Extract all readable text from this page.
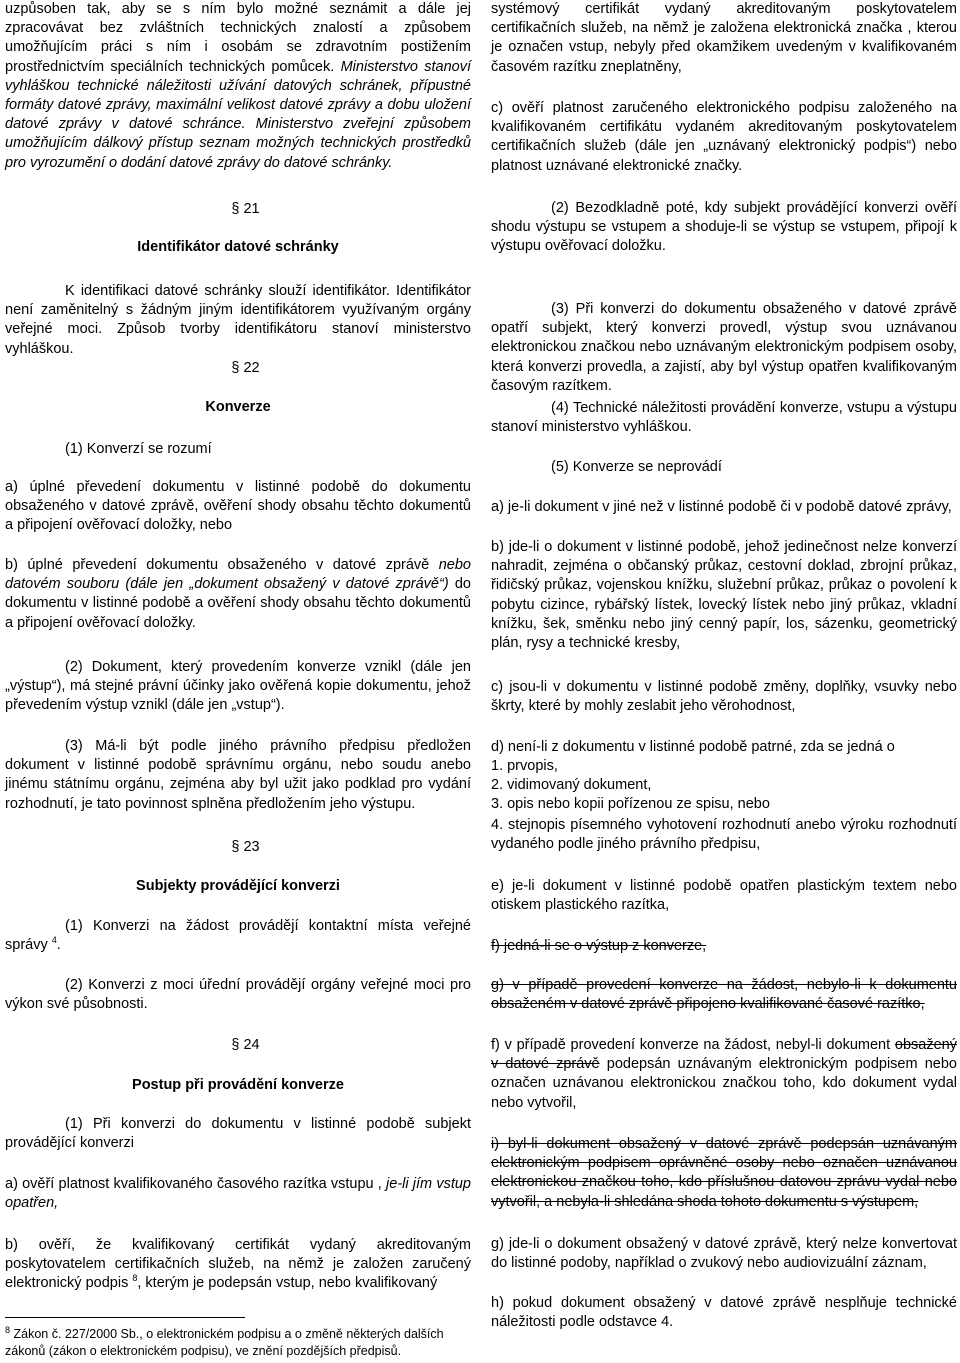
uzpůsoben tak, aby se s ním bylo možné seznámit a dále jej zpracovávat bez zvláštních technických znalostí a způsobem umožňujícím práci s ním i osobám se zdravotním postižením prostřednictvím speciálních technických pomůcek. Ministerstvo stanoví vyhláškou technické náležitosti užívání datových schránek, přípustné formáty datové zprávy, maximální velikost datové zprávy a dobu uložení datové zprávy v datové schránce. Ministerstvo zveřejní způsobem umožňujícím dálkový přístup seznam možných technických prostředků pro vyrozumění o dodání datové zprávy do datové schránky.

§ 21

Identifikátor datové schránky

K identifikaci datové schránky slouží identifikátor. Identifikátor není zaměnitelný s žádným jiným identifikátorem využívaným orgány veřejné moci. Způsob tvorby identifikátoru stanoví ministerstvo vyhláškou.

§ 22

Konverze

(1) Konverzí se rozumí

a) úplné převedení dokumentu v listinné podobě do dokumentu obsaženého v datové zprávě, ověření shody obsahu těchto dokumentů a připojení ověřovací doložky, nebo

b) úplné převedení dokumentu obsaženého v datové zprávě nebo datovém souboru (dále jen „dokument obsažený v datové zprávě“) do dokumentu v listinné podobě a ověření shody obsahu těchto dokumentů a připojení ověřovací doložky.

(2) Dokument, který provedením konverze vznikl (dále jen „výstup“), má stejné právní účinky jako ověřená kopie dokumentu, jehož převedením výstup vznikl (dále jen „vstup“).

(3) Má-li být podle jiného právního předpisu předložen dokument v listinné podobě správnímu orgánu, nebo soudu anebo jinému státnímu orgánu, zejména aby byl užit jako podklad pro vydání rozhodnutí, je tato povinnost splněna předložením jeho výstupu.

§ 23

Subjekty provádějící konverzi

(1) Konverzi na žádost provádějí kontaktní místa veřejné správy $^4$.

(2) Konverzi z moci úřední provádějí orgány veřejné moci pro výkon své působnosti.

§ 24

Postup při provádění konverze

(1) Při konverzi do dokumentu v listinné podobě subjekt provádějící konverzi

a) ověří platnost kvalifikovaného časového razítka vstupu , je-li jím vstup opatřen,

b) ověří, že kvalifikovaný certifikát vydaný akreditovaným poskytovatelem certifikačních služeb, na němž je založen zaručený elektronický podpis $^8$, kterým je podepsán vstup, nebo kvalifikovaný

$^8$ Zákon č. 227/2000 Sb., o elektronickém podpisu a o změně některých dalších zákonů (zákon o elektronickém podpisu), ve znění pozdějších předpisů.

systémový certifikát vydaný akreditovaným poskytovatelem certifikačních služeb, na němž je založena elektronická značka , kterou je označen vstup, nebyly před okamžikem uvedeným v kvalifikovaném časovém razítku zneplatněny,

c) ověří platnost zaručeného elektronického podpisu založeného na kvalifikovaném certifikátu vydaném akreditovaným poskytovatelem certifikačních služeb (dále jen „uznávaný elektronický podpis“) nebo platnost uznávané elektronické značky.

(2) Bezodkladně poté, kdy subjekt provádějící konverzi ověří shodu výstupu se vstupem a shoduje-li se výstup se vstupem, připojí k výstupu ověřovací doložku.

(3) Při konverzi do dokumentu obsaženého v datové zprávě opatří subjekt, který konverzi provedl, výstup svou uznávanou elektronickou značkou nebo uznávaným elektronickým podpisem osoby, která konverzi provedla, a zajistí, aby byl výstup opatřen kvalifikovaným časovým razítkem.

(4) Technické náležitosti provádění konverze, vstupu a výstupu stanoví ministerstvo vyhláškou.

(5) Konverze se neprovádí

a) je-li dokument v jiné než v listinné podobě či v podobě datové zprávy,

b) jde-li o dokument v listinné podobě, jehož jedinečnost nelze konverzí nahradit, zejména o občanský průkaz, cestovní doklad, zbrojní průkaz, řidičský průkaz, vojenskou knížku, služební průkaz, průkaz o povolení k pobytu cizince, rybářský lístek, lovecký lístek nebo jiný průkaz, vkladní knížku, šek, směnku nebo jiný cenný papír, los, sázenku, geometrický plán, rysy a technické kresby,

c) jsou-li v dokumentu v listinné podobě změny, doplňky, vsuvky nebo škrty, které by mohly zeslabit jeho věrohodnost,

d) není-li z dokumentu v listinné podobě patrné, zda se jedná o

1. prvopis,

2. vidimovaný dokument,

3. opis nebo kopii pořízenou ze spisu, nebo

4. stejnopis písemného vyhotovení rozhodnutí anebo výroku rozhodnutí vydaného podle jiného právního předpisu,

e) je-li dokument v listinné podobě opatřen plastickým textem nebo otiskem plastického razítka,

f) jedná-li se o výstup z konverze,

g) v případě provedení konverze na žádost, nebylo-li k dokumentu obsaženém v datové zprávě připojeno kvalifikované časové razítko,

f) v případě provedení konverze na žádost, nebyl-li dokument obsažený v datové zprávě podepsán uznávaným elektronickým podpisem nebo označen uznávanou elektronickou značkou toho, kdo dokument vydal nebo vytvořil,

i) byl-li dokument obsažený v datové zprávě podepsán uznávaným elektronickým podpisem oprávněné osoby nebo označen uznávanou elektronickou značkou toho, kdo příslušnou datovou zprávu vydal nebo vytvořil, a nebyla-li shledána shoda tohoto dokumentu s výstupem,

g) jde-li o dokument obsažený v datové zprávě, který nelze konvertovat do listinné podoby, například o zvukový nebo audiovizuální záznam,

h) pokud dokument obsažený v datové zprávě nesplňuje technické náležitosti podle odstavce 4.
